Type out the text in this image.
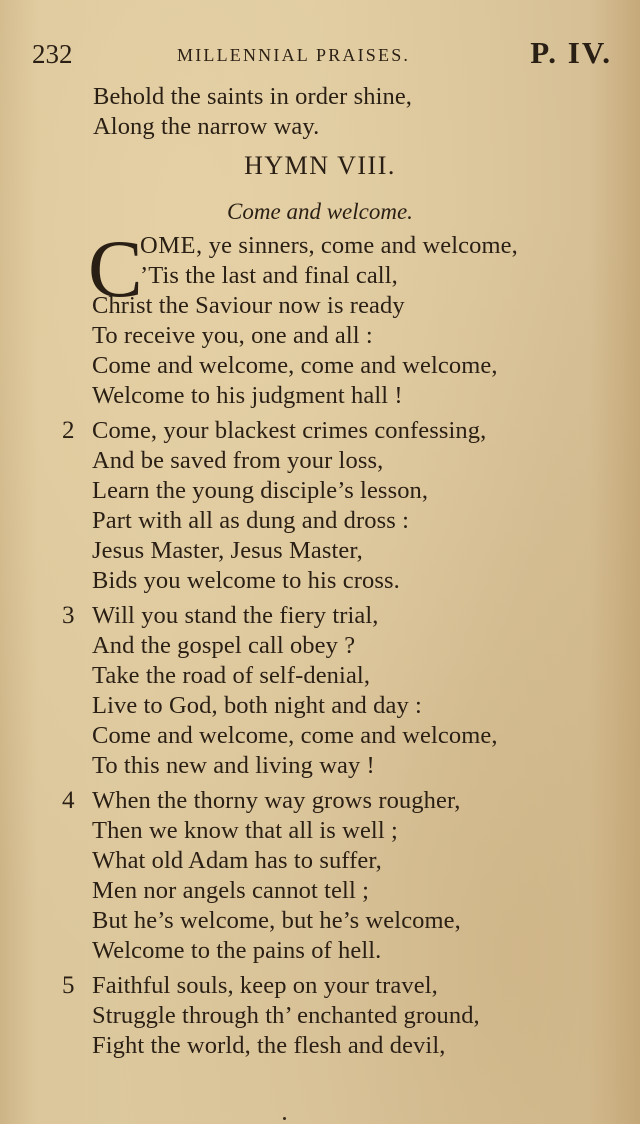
232	MILLENNIAL PRAISES.	P. IV.
Behold the saints in order shine,
Along the narrow way.
HYMN VIII.
Come and welcome.
C
OME, ye sinners, come and welcome,
’Tis the last and final call,
Christ the Saviour now is ready
To receive you, one and all :
Come and welcome, come and welcome,
Welcome to his judgment hall !
2 Come, your blackest crimes confessing,
And be saved from your loss,
Learn the young disciple’s lesson,
Part with all as dung and dross :
Jesus Master, Jesus Master,
Bids you welcome to his cross.
3 Will you stand the fiery trial,
And the gospel call obey ?
Take the road of self-denial,
Live to God, both night and day :
Come and welcome, come and welcome,
To this new and living way !
4 When the thorny way grows rougher,
Then we know that all is well ;
What old Adam has to suffer,
Men nor angels cannot tell ;
But he’s welcome, but he’s welcome,
Welcome to the pains of hell.
5 Faithful souls, keep on your travel,
Struggle through th’ enchanted ground,
Fight the world, the flesh and devil,
